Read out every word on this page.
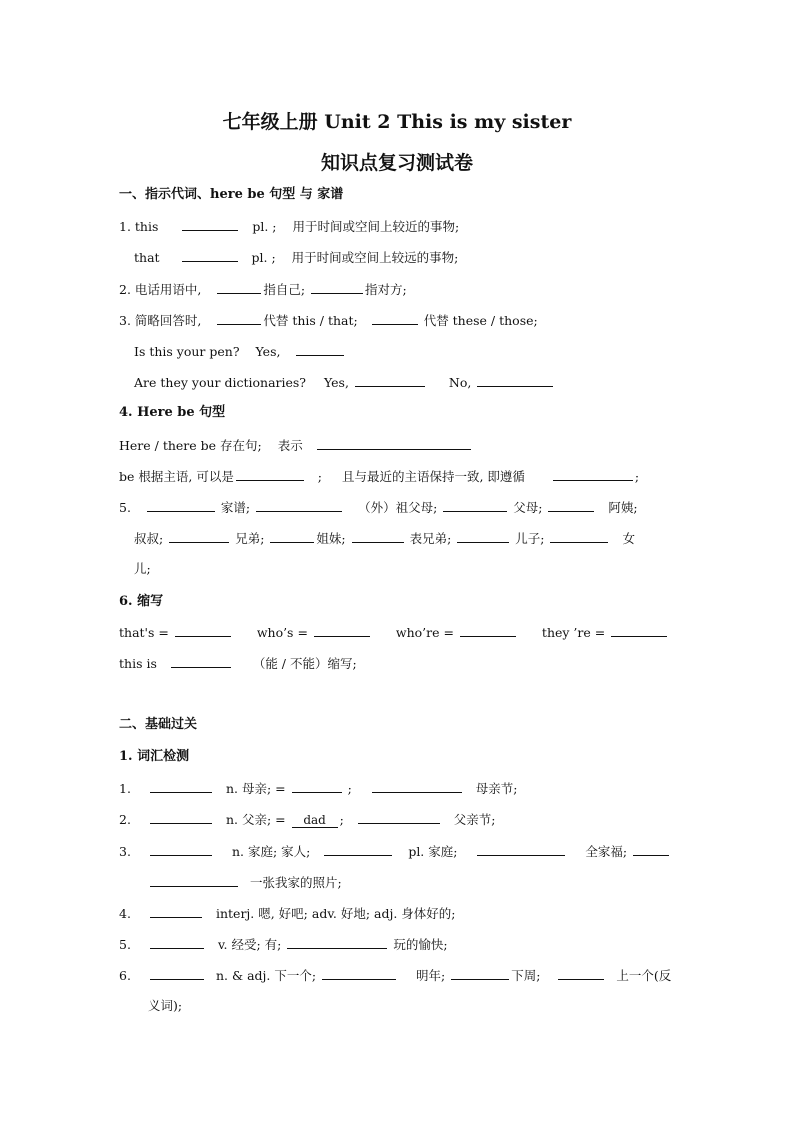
七年级上册 Unit 2 This is my sister
知识点复习测试卷
一、指示代词、here be 句型 与 家谱
1. this	pl. ; 用于时间或空间上较近的事物;
that	pl. ; 用于时间或空间上较远的事物;
2. 电话用语中,	指自己;	指对方;
3. 简略回答时,	代替 this / that;	代替 these / those;
Is this your pen? Yes,
Are they your dictionaries? Yes,	No,
4. Here be 句型
Here / there be 存在句; 表示
be 根据主语, 可以是	; 且与最近的主语保持一致, 即遵循	;
5.	家谱;	（外）祖父母;	父母;	阿姨;
叔叔;	兄弟;	姐妹;	表兄弟;	儿子;	女
儿;
6. 缩写
that's =	who’s =	who’re =	they ’re =
this is	（能 / 不能）缩写;
二、基础过关
1. 词汇检测
1.	n. 母亲; =	;	母亲节;
2.	n. 父亲; = dad ;	父亲节;
3.	n. 家庭; 家人;	pl. 家庭;	全家福;
一张我家的照片;
4.	interj. 嗯, 好吧; adv. 好地; adj. 身体好的;
5.	v. 经受; 有;	玩的愉快;
6.	n. & adj. 下一个;	明年;	下周;	上一个(反
义词);
